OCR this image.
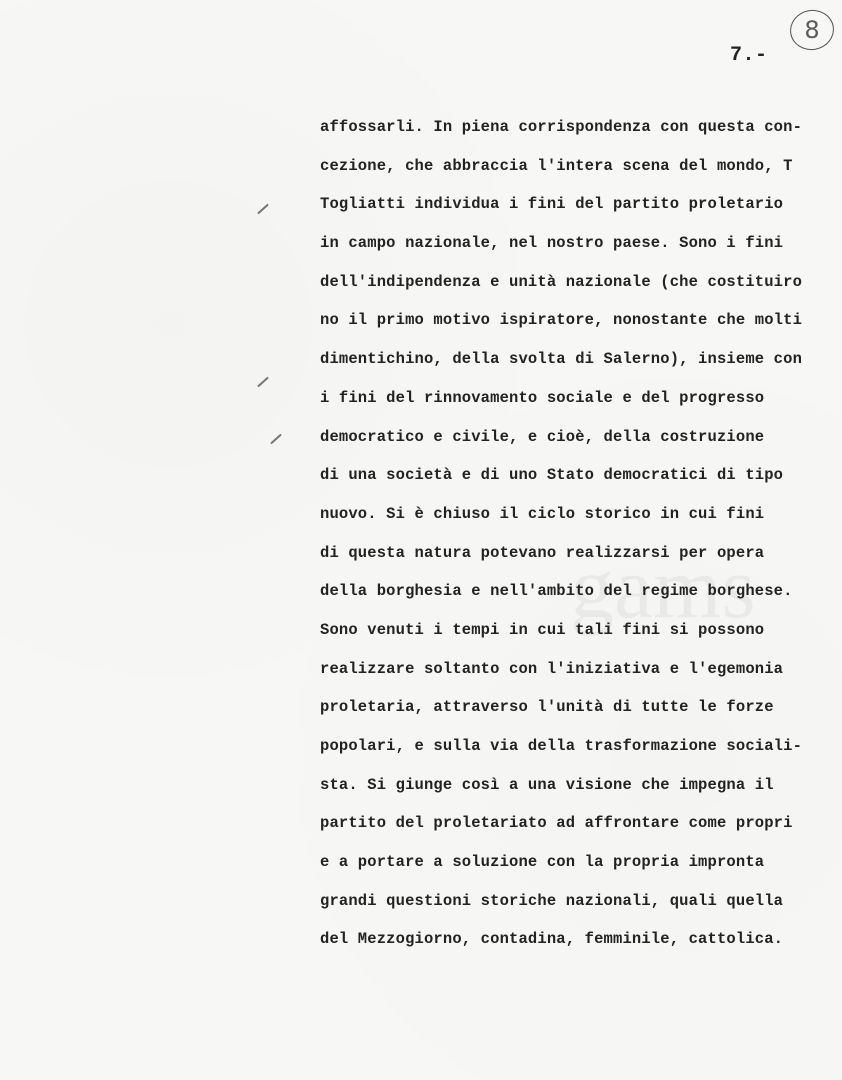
8
7.-
affossarli. In piena corrispondenza con questa con-
cezione, che abbraccia l'intera scena del mondo, T
Togliatti individua i fini del partito proletario
in campo nazionale, nel nostro paese. Sono i fini
dell'indipendenza e unità nazionale (che costituiro
no il primo motivo ispiratore, nonostante che molti
dimentichino, della svolta di Salerno), insieme con
i fini del rinnovamento sociale e del progresso
democratico e civile, e cioè, della costruzione
di una società e di uno Stato democratici di tipo
nuovo. Si è chiuso il ciclo storico in cui fini
di questa natura potevano realizzarsi per opera
della borghesia e nell'ambito del regime borghese.
Sono venuti i tempi in cui tali fini si possono
realizzare soltanto con l'iniziativa e l'egemonia
proletaria, attraverso l'unità di tutte le forze
popolari, e sulla via della trasformazione sociali-
sta. Si giunge così a una visione che impegna il
partito del proletariato ad affrontare come propri
e a portare a soluzione con la propria impronta
grandi questioni storiche nazionali, quali quella
del Mezzogiorno, contadina, femminile, cattolica.
